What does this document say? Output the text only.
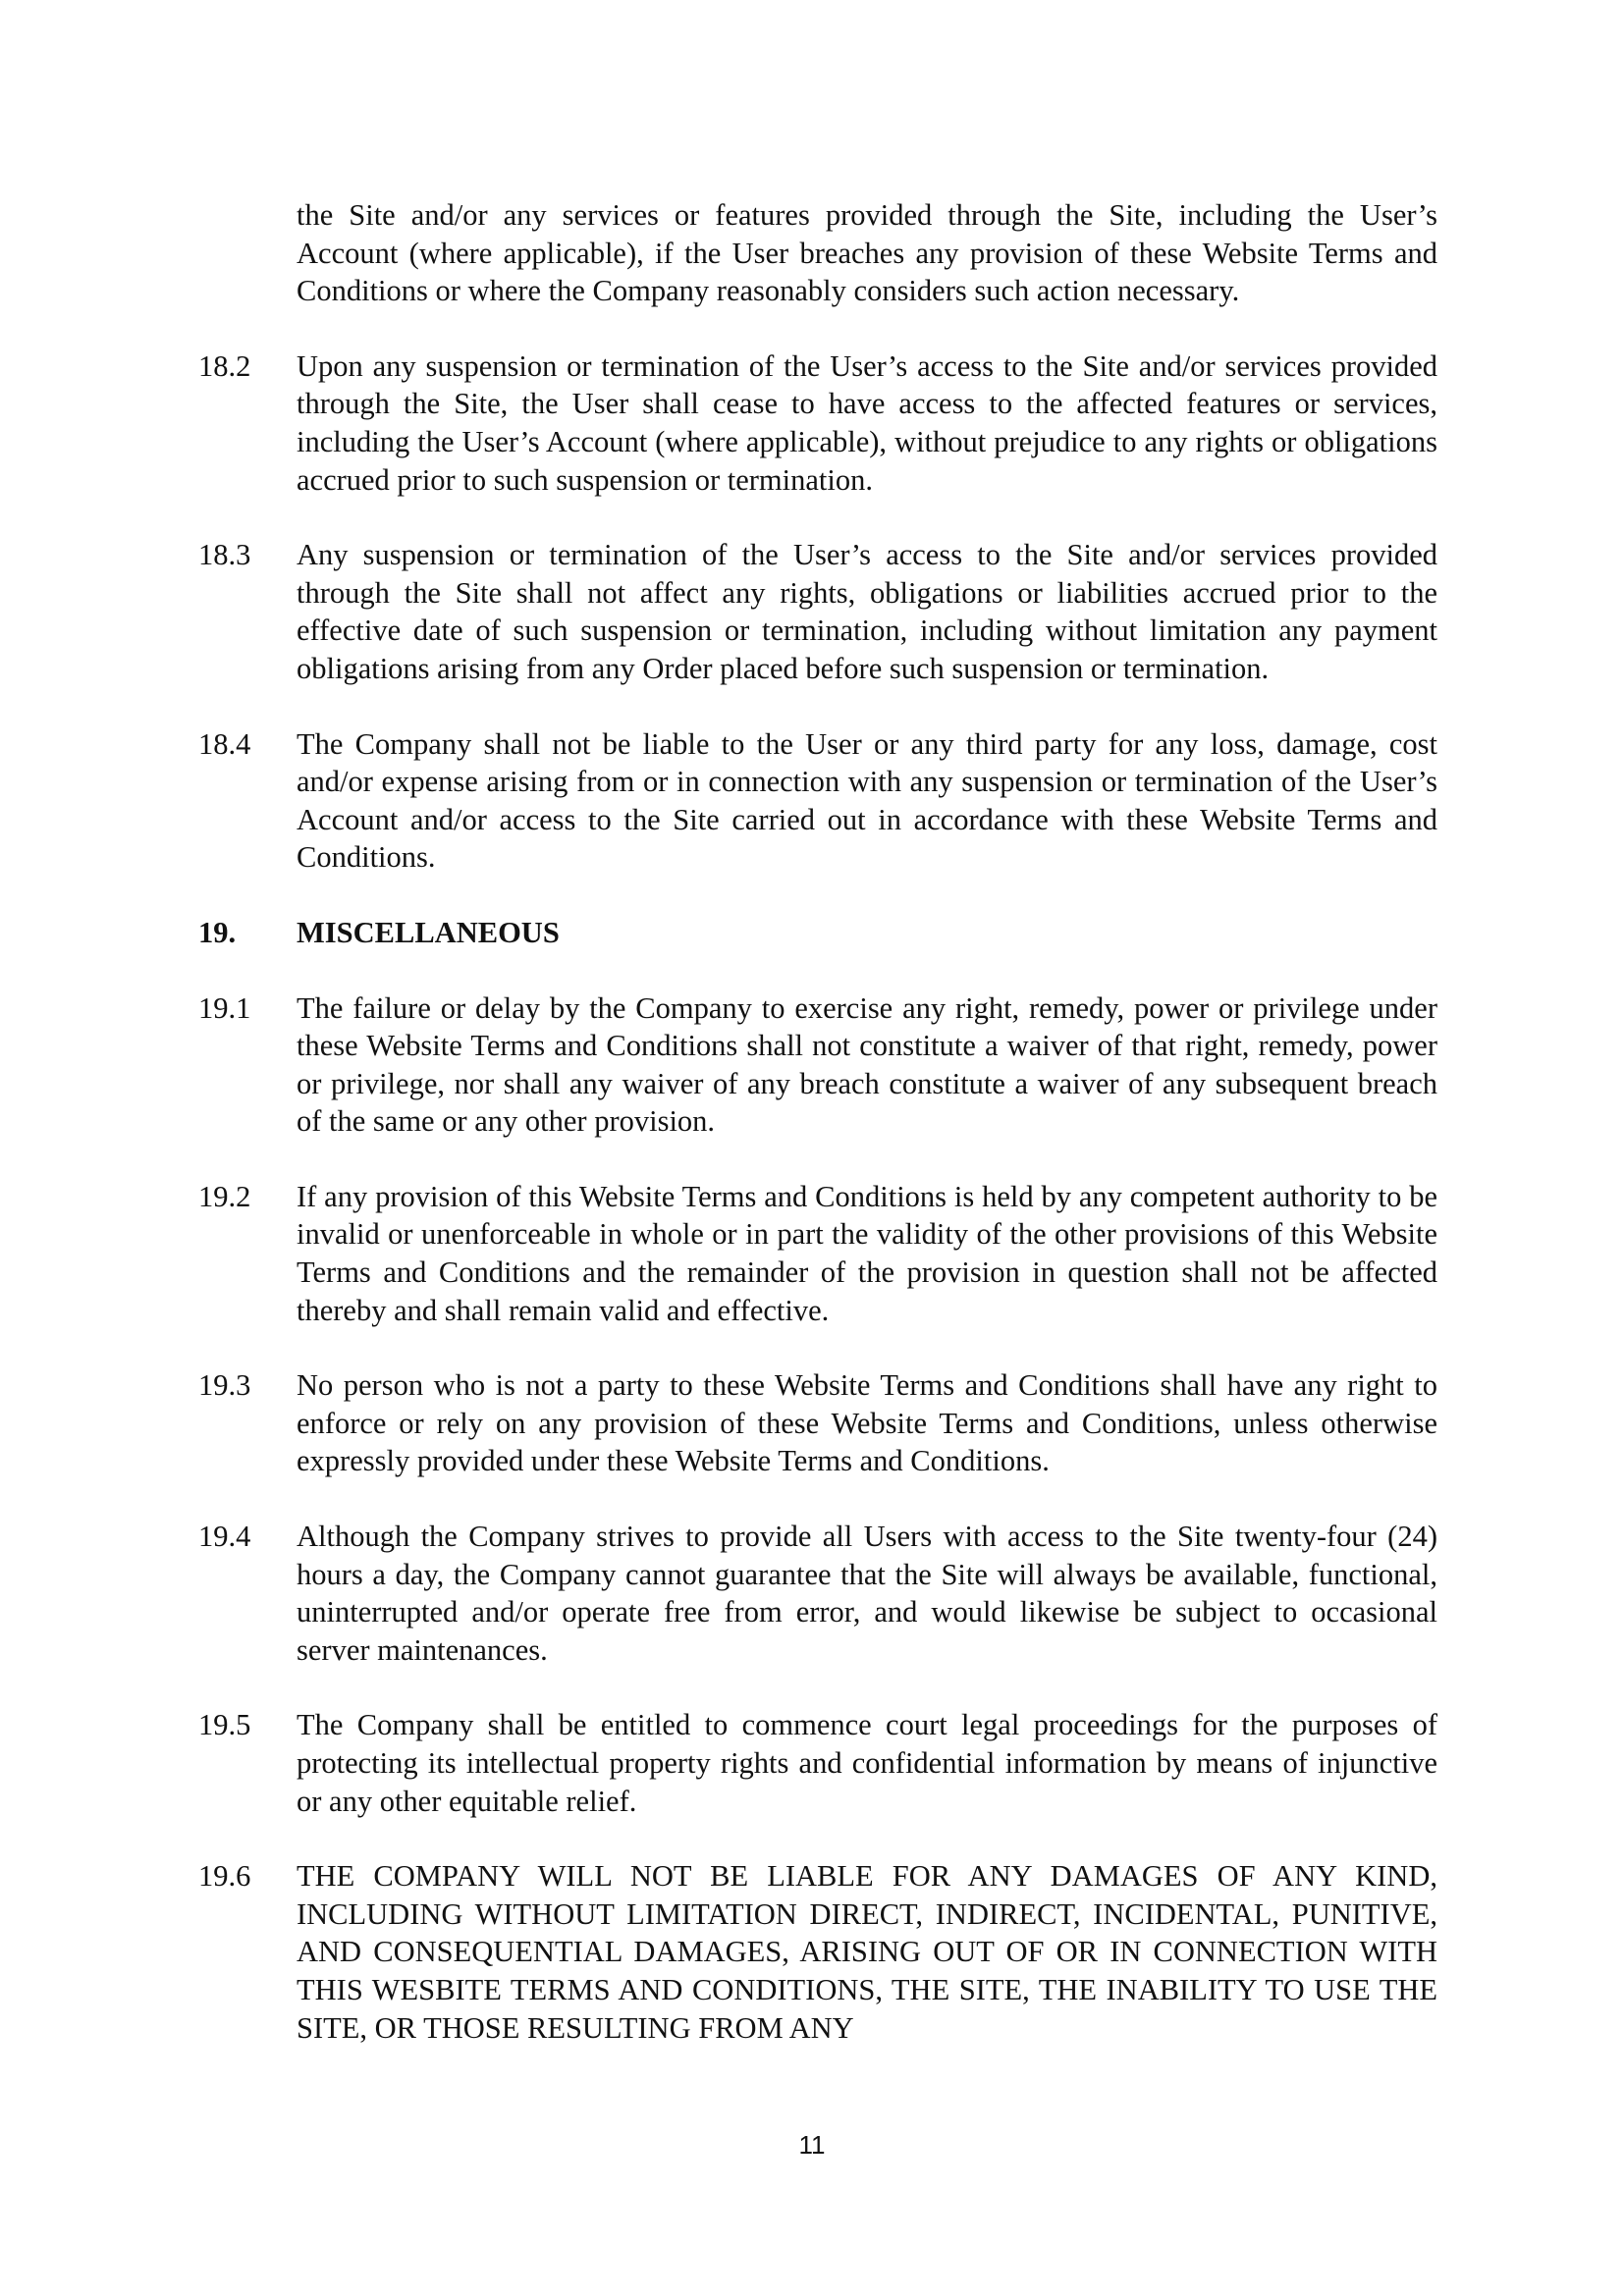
the Site and/or any services or features provided through the Site, including the User’s Account (where applicable), if the User breaches any provision of these Website Terms and Conditions or where the Company reasonably considers such action necessary.

18.2	Upon any suspension or termination of the User’s access to the Site and/or services provided through the Site, the User shall cease to have access to the affected features or services, including the User’s Account (where applicable), without prejudice to any rights or obligations accrued prior to such suspension or termination.
18.3	Any suspension or termination of the User’s access to the Site and/or services provided through the Site shall not affect any rights, obligations or liabilities accrued prior to the effective date of such suspension or termination, including without limitation any payment obligations arising from any Order placed before such suspension or termination.
18.4	The Company shall not be liable to the User or any third party for any loss, damage, cost and/or expense arising from or in connection with any suspension or termination of the User’s Account and/or access to the Site carried out in accordance with these Website Terms and Conditions.
19.	MISCELLANEOUS
19.1	The failure or delay by the Company to exercise any right, remedy, power or privilege under these Website Terms and Conditions shall not constitute a waiver of that right, remedy, power or privilege, nor shall any waiver of any breach constitute a waiver of any subsequent breach of the same or any other provision.
19.2	If any provision of this Website Terms and Conditions is held by any competent authority to be invalid or unenforceable in whole or in part the validity of the other provisions of this Website Terms and Conditions and the remainder of the provision in question shall not be affected thereby and shall remain valid and effective.
19.3	No person who is not a party to these Website Terms and Conditions shall have any right to enforce or rely on any provision of these Website Terms and Conditions, unless otherwise expressly provided under these Website Terms and Conditions.
19.4	Although the Company strives to provide all Users with access to the Site twenty-four (24) hours a day, the Company cannot guarantee that the Site will always be available, functional, uninterrupted and/or operate free from error, and would likewise be subject to occasional server maintenances.
19.5	The Company shall be entitled to commence court legal proceedings for the purposes of protecting its intellectual property rights and confidential information by means of injunctive or any other equitable relief.
19.6	THE COMPANY WILL NOT BE LIABLE FOR ANY DAMAGES OF ANY KIND, INCLUDING WITHOUT LIMITATION DIRECT, INDIRECT, INCIDENTAL, PUNITIVE, AND CONSEQUENTIAL DAMAGES, ARISING OUT OF OR IN CONNECTION WITH THIS WESBITE TERMS AND CONDITIONS, THE SITE, THE INABILITY TO USE THE SITE, OR THOSE RESULTING FROM ANY
11
